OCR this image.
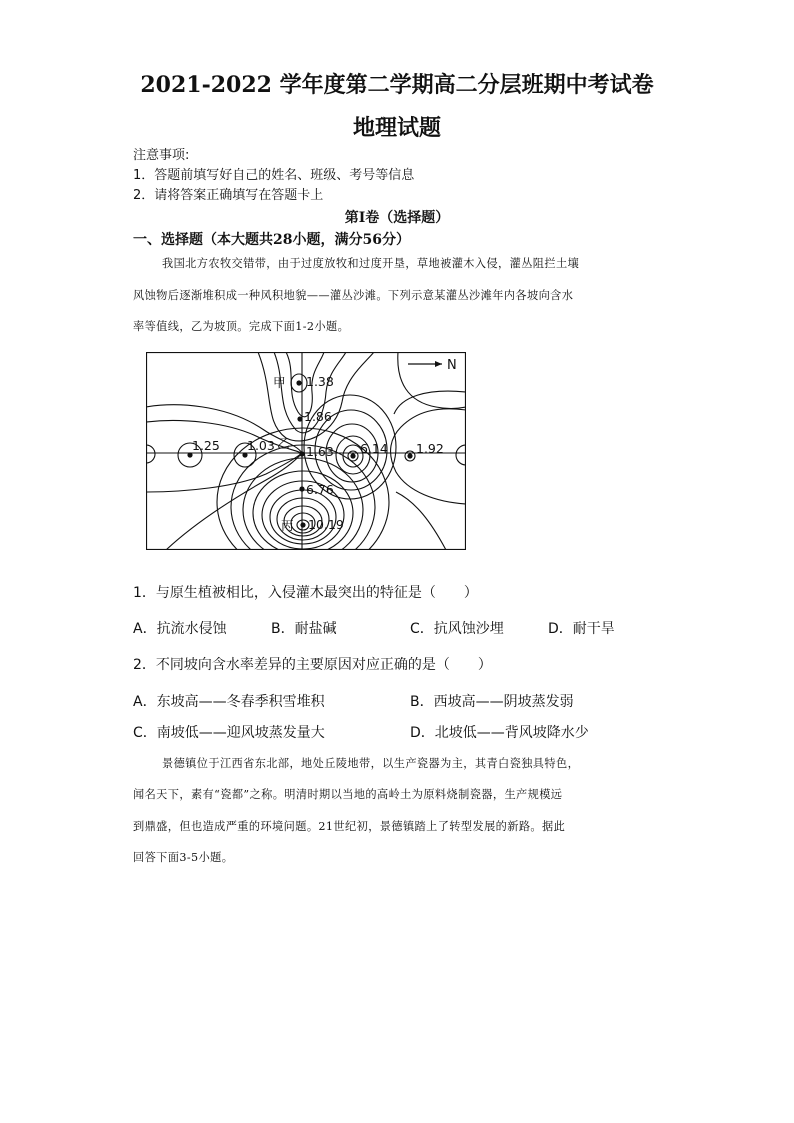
2021-2022 学年度第二学期高二分层班期中考试卷
地理试题
注意事项:
1．答题前填写好自己的姓名、班级、考号等信息
2．请将答案正确填写在答题卡上
第I卷（选择题）
一、选择题（本大题共28小题，满分56分）
我国北方农牧交错带，由于过度放牧和过度开垦，草地被灌木入侵，灌丛阻拦土壤
风蚀物后逐渐堆积成一种风积地貌——灌丛沙滩。下列示意某灌丛沙滩年内各坡向含水
率等值线，乙为坡顶。完成下面1-2小题。
N
甲 1.38
1.86
1.25 1.03 乙
1.63 6.14 1.92
6.76
丙 10.19
1．与原生植被相比，入侵灌木最突出的特征是（　　）
A．抗流水侵蚀	B．耐盐碱	C．抗风蚀沙埋	D．耐干旱
2．不同坡向含水率差异的主要原因对应正确的是（　　）
A．东坡高——冬春季积雪堆积	B．西坡高——阴坡蒸发弱
C．南坡低——迎风坡蒸发量大	D．北坡低——背风坡降水少
景德镇位于江西省东北部，地处丘陵地带，以生产瓷器为主，其青白瓷独具特色，
闻名天下，素有“瓷都”之称。明清时期以当地的高岭土为原料烧制瓷器，生产规模远
到鼎盛，但也造成严重的环境问题。21世纪初，景德镇踏上了转型发展的新路。据此
回答下面3-5小题。
